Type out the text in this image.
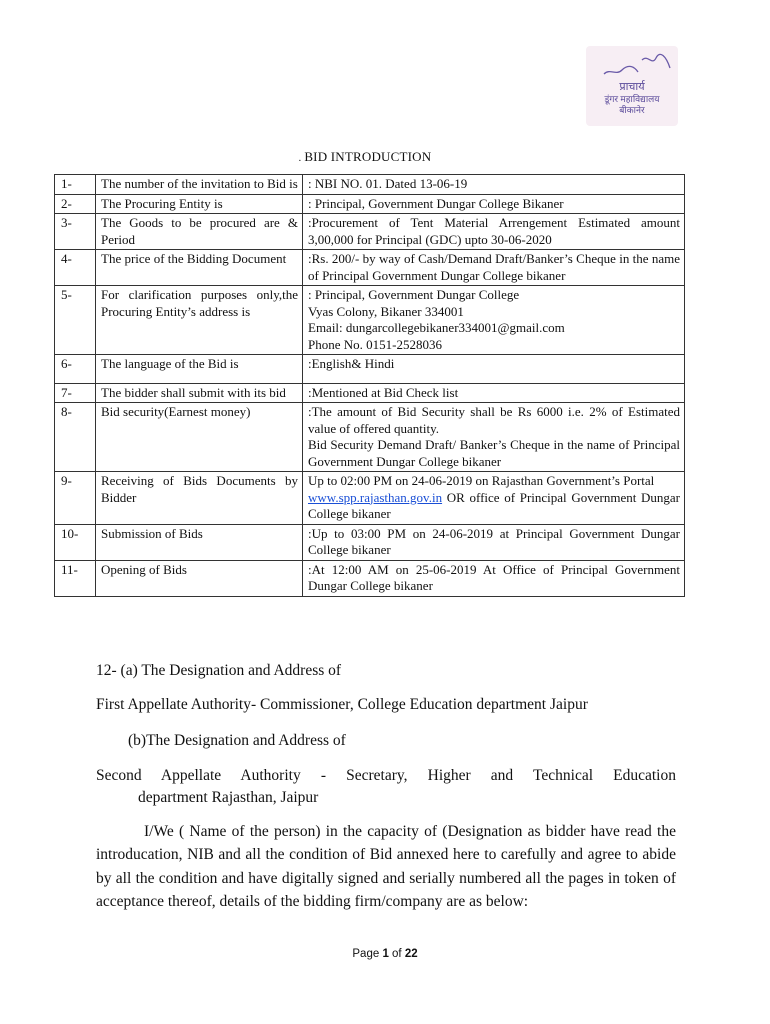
प्राचार्य
डूंगर महाविद्यालय
बीकानेर
. BID INTRODUCTION
1-	The number of the invitation to Bid is	: NBI NO. 01. Dated 13-06-19
2-	The Procuring Entity is	: Principal, Government Dungar College Bikaner
3-	The Goods to be procured are & Period	:Procurement of Tent Material Arrengement Estimated amount 3,00,000 for Principal (GDC) upto 30-06-2020
4-	The price of the Bidding Document	:Rs. 200/- by way of Cash/Demand Draft/Banker’s Cheque in the name of Principal Government Dungar College bikaner
5-	For clarification purposes only,the Procuring Entity’s address is	: Principal, Government Dungar College
Vyas Colony, Bikaner 334001
Email: dungarcollegebikaner334001@gmail.com
Phone No. 0151-2528036

6-	The language of the Bid is	:English& Hindi
7-	The bidder shall submit with its bid	:Mentioned at Bid Check list
8-	Bid security(Earnest money)	:The amount of Bid Security shall be Rs 6000 i.e. 2% of Estimated value of offered quantity.
Bid Security Demand Draft/ Banker’s Cheque in the name of Principal Government Dungar College bikaner

9-	Receiving of Bids Documents by Bidder	Up to 02:00 PM on 24-06-2019 on Rajasthan Government’s Portal
www.spp.rajasthan.gov.in OR office of Principal Government Dungar College bikaner
10-	Submission of Bids	:Up to 03:00 PM on 24-06-2019 at Principal Government Dungar College bikaner
11-	Opening of Bids	:At 12:00 AM on 25-06-2019 At Office of Principal Government Dungar College bikaner
12- (a) The Designation and Address of
First Appellate Authority- Commissioner, College Education department Jaipur
(b)The Designation and Address of
Second Appellate Authority - Secretary, Higher and Technical Education
department Rajasthan, Jaipur
I/We ( Name of the person) in the capacity of (Designation as bidder have read the introducation, NIB and all the condition of Bid annexed here to carefully and agree to abide by all the condition and have digitally signed and serially numbered all the pages in token of acceptance thereof, details of the bidding firm/company are as below:
Page 1 of 22
